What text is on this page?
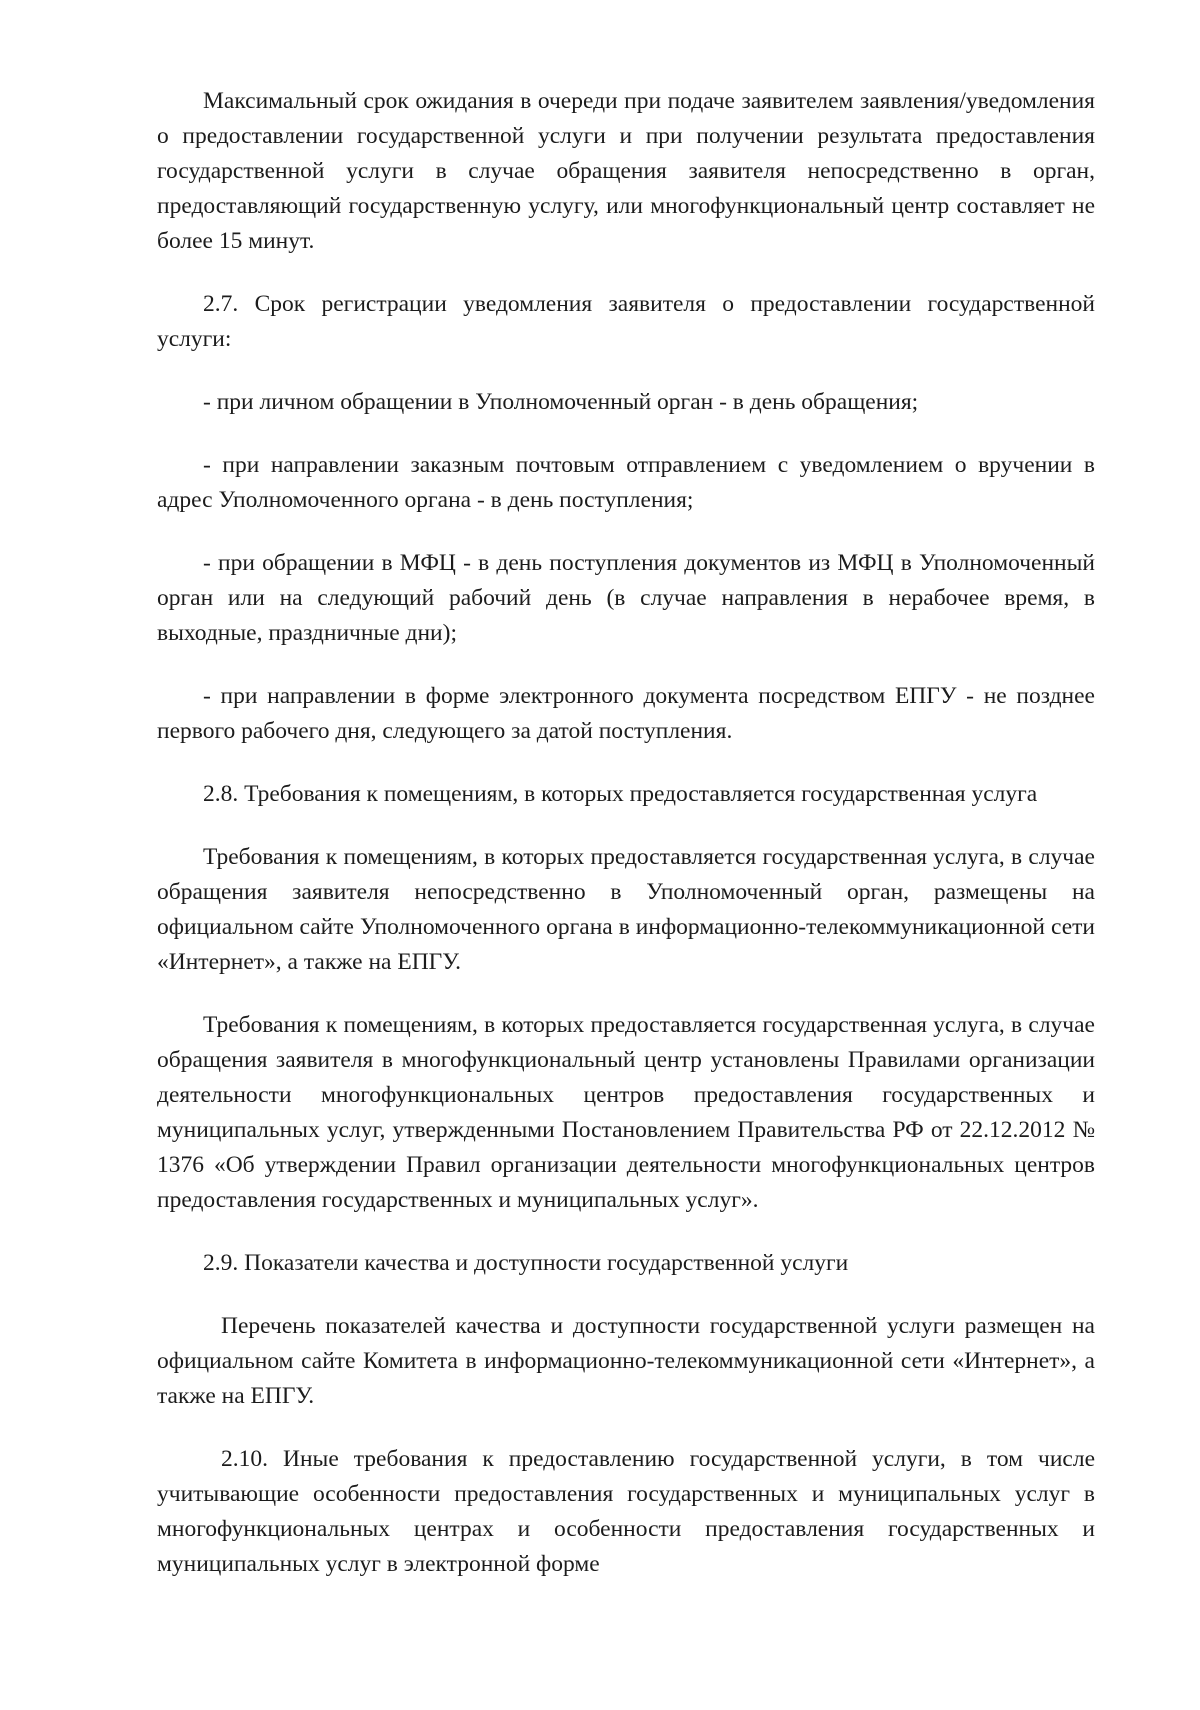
Максимальный срок ожидания в очереди при подаче заявителем заявления/уведомления о предоставлении государственной услуги и при получении результата предоставления государственной услуги в случае обращения заявителя непосредственно в орган, предоставляющий государственную услугу, или многофункциональный центр составляет не более 15 минут.

2.7. Срок регистрации уведомления заявителя о предоставлении государственной услуги:

- при личном обращении в Уполномоченный орган - в день обращения;

- при направлении заказным почтовым отправлением с уведомлением о вручении в адрес Уполномоченного органа - в день поступления;

- при обращении в МФЦ - в день поступления документов из МФЦ в Уполномоченный орган или на следующий рабочий день (в случае направления в нерабочее время, в выходные, праздничные дни);

- при направлении в форме электронного документа посредством ЕПГУ - не позднее первого рабочего дня, следующего за датой поступления.

2.8. Требования к помещениям, в которых предоставляется государственная услуга

Требования к помещениям, в которых предоставляется государственная услуга, в случае обращения заявителя непосредственно в Уполномоченный орган, размещены на официальном сайте Уполномоченного органа в информационно-телекоммуникационной сети «Интернет», а также на ЕПГУ.

Требования к помещениям, в которых предоставляется государственная услуга, в случае обращения заявителя в многофункциональный центр установлены Правилами организации деятельности многофункциональных центров предоставления государственных и муниципальных услуг, утвержденными Постановлением Правительства РФ от 22.12.2012 № 1376 «Об утверждении Правил организации деятельности многофункциональных центров предоставления государственных и муниципальных услуг».

2.9. Показатели качества и доступности государственной услуги

Перечень показателей качества и доступности государственной услуги размещен на официальном сайте Комитета в информационно-телекоммуникационной сети «Интернет», а также на ЕПГУ.

2.10. Иные требования к предоставлению государственной услуги, в том числе учитывающие особенности предоставления государственных и муниципальных услуг в многофункциональных центрах и особенности предоставления государственных и муниципальных услуг в электронной форме
